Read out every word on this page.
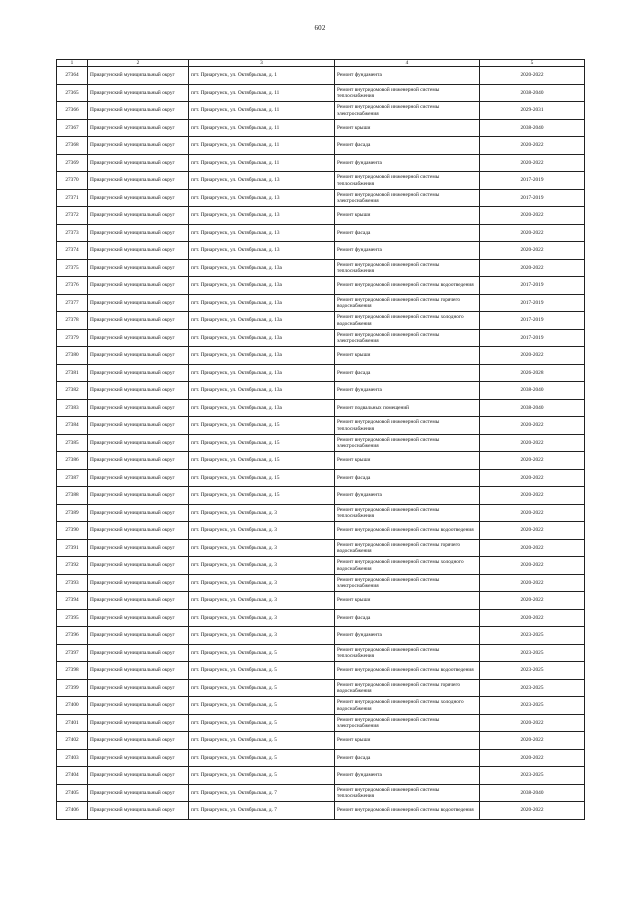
602
1	2	3	4	5
27364	Приаргунский муниципальный округ	пгт. Приаргунск, ул. Октябрьская, д. 1	Ремонт фундамента	2020-2022
27365	Приаргунский муниципальный округ	пгт. Приаргунск, ул. Октябрьская, д. 11	Ремонт внутридомовой инженерной системы теплоснабжения	2038-2040
27366	Приаргунский муниципальный округ	пгт. Приаргунск, ул. Октябрьская, д. 11	Ремонт внутридомовой инженерной системы электроснабжения	2029-2031
27367	Приаргунский муниципальный округ	пгт. Приаргунск, ул. Октябрьская, д. 11	Ремонт крыши	2038-2040
27368	Приаргунский муниципальный округ	пгт. Приаргунск, ул. Октябрьская, д. 11	Ремонт фасада	2020-2022
27369	Приаргунский муниципальный округ	пгт. Приаргунск, ул. Октябрьская, д. 11	Ремонт фундамента	2020-2022
27370	Приаргунский муниципальный округ	пгт. Приаргунск, ул. Октябрьская, д. 13	Ремонт внутридомовой инженерной системы теплоснабжения	2017-2019
27371	Приаргунский муниципальный округ	пгт. Приаргунск, ул. Октябрьская, д. 13	Ремонт внутридомовой инженерной системы электроснабжения	2017-2019
27372	Приаргунский муниципальный округ	пгт. Приаргунск, ул. Октябрьская, д. 13	Ремонт крыши	2020-2022
27373	Приаргунский муниципальный округ	пгт. Приаргунск, ул. Октябрьская, д. 13	Ремонт фасада	2020-2022
27374	Приаргунский муниципальный округ	пгт. Приаргунск, ул. Октябрьская, д. 13	Ремонт фундамента	2020-2022
27375	Приаргунский муниципальный округ	пгт. Приаргунск, ул. Октябрьская, д. 13а	Ремонт внутридомовой инженерной системы теплоснабжения	2020-2022
27376	Приаргунский муниципальный округ	пгт. Приаргунск, ул. Октябрьская, д. 13а	Ремонт внутридомовой инженерной системы водоотведения	2017-2019
27377	Приаргунский муниципальный округ	пгт. Приаргунск, ул. Октябрьская, д. 13а	Ремонт внутридомовой инженерной системы горячего водоснабжения	2017-2019
27378	Приаргунский муниципальный округ	пгт. Приаргунск, ул. Октябрьская, д. 13а	Ремонт внутридомовой инженерной системы холодного водоснабжения	2017-2019
27379	Приаргунский муниципальный округ	пгт. Приаргунск, ул. Октябрьская, д. 13а	Ремонт внутридомовой инженерной системы электроснабжения	2017-2019
27380	Приаргунский муниципальный округ	пгт. Приаргунск, ул. Октябрьская, д. 13а	Ремонт крыши	2020-2022
27381	Приаргунский муниципальный округ	пгт. Приаргунск, ул. Октябрьская, д. 13а	Ремонт фасада	2026-2028
27382	Приаргунский муниципальный округ	пгт. Приаргунск, ул. Октябрьская, д. 13а	Ремонт фундамента	2038-2040
27383	Приаргунский муниципальный округ	пгт. Приаргунск, ул. Октябрьская, д. 13а	Ремонт подвальных помещений	2038-2040
27384	Приаргунский муниципальный округ	пгт. Приаргунск, ул. Октябрьская, д. 15	Ремонт внутридомовой инженерной системы теплоснабжения	2020-2022
27385	Приаргунский муниципальный округ	пгт. Приаргунск, ул. Октябрьская, д. 15	Ремонт внутридомовой инженерной системы электроснабжения	2020-2022
27386	Приаргунский муниципальный округ	пгт. Приаргунск, ул. Октябрьская, д. 15	Ремонт крыши	2020-2022
27387	Приаргунский муниципальный округ	пгт. Приаргунск, ул. Октябрьская, д. 15	Ремонт фасада	2020-2022
27388	Приаргунский муниципальный округ	пгт. Приаргунск, ул. Октябрьская, д. 15	Ремонт фундамента	2020-2022
27389	Приаргунский муниципальный округ	пгт. Приаргунск, ул. Октябрьская, д. 3	Ремонт внутридомовой инженерной системы теплоснабжения	2020-2022
27390	Приаргунский муниципальный округ	пгт. Приаргунск, ул. Октябрьская, д. 3	Ремонт внутридомовой инженерной системы водоотведения	2020-2022
27391	Приаргунский муниципальный округ	пгт. Приаргунск, ул. Октябрьская, д. 3	Ремонт внутридомовой инженерной системы горячего водоснабжения	2020-2022
27392	Приаргунский муниципальный округ	пгт. Приаргунск, ул. Октябрьская, д. 3	Ремонт внутридомовой инженерной системы холодного водоснабжения	2020-2022
27393	Приаргунский муниципальный округ	пгт. Приаргунск, ул. Октябрьская, д. 3	Ремонт внутридомовой инженерной системы электроснабжения	2020-2022
27394	Приаргунский муниципальный округ	пгт. Приаргунск, ул. Октябрьская, д. 3	Ремонт крыши	2020-2022
27395	Приаргунский муниципальный округ	пгт. Приаргунск, ул. Октябрьская, д. 3	Ремонт фасада	2020-2022
27396	Приаргунский муниципальный округ	пгт. Приаргунск, ул. Октябрьская, д. 3	Ремонт фундамента	2023-2025
27397	Приаргунский муниципальный округ	пгт. Приаргунск, ул. Октябрьская, д. 5	Ремонт внутридомовой инженерной системы теплоснабжения	2023-2025
27398	Приаргунский муниципальный округ	пгт. Приаргунск, ул. Октябрьская, д. 5	Ремонт внутридомовой инженерной системы водоотведения	2023-2025
27399	Приаргунский муниципальный округ	пгт. Приаргунск, ул. Октябрьская, д. 5	Ремонт внутридомовой инженерной системы горячего водоснабжения	2023-2025
27400	Приаргунский муниципальный округ	пгт. Приаргунск, ул. Октябрьская, д. 5	Ремонт внутридомовой инженерной системы холодного водоснабжения	2023-2025
27401	Приаргунский муниципальный округ	пгт. Приаргунск, ул. Октябрьская, д. 5	Ремонт внутридомовой инженерной системы электроснабжения	2020-2022
27402	Приаргунский муниципальный округ	пгт. Приаргунск, ул. Октябрьская, д. 5	Ремонт крыши	2020-2022
27403	Приаргунский муниципальный округ	пгт. Приаргунск, ул. Октябрьская, д. 5	Ремонт фасада	2020-2022
27404	Приаргунский муниципальный округ	пгт. Приаргунск, ул. Октябрьская, д. 5	Ремонт фундамента	2023-2025
27405	Приаргунский муниципальный округ	пгт. Приаргунск, ул. Октябрьская, д. 7	Ремонт внутридомовой инженерной системы теплоснабжения	2038-2040
27406	Приаргунский муниципальный округ	пгт. Приаргунск, ул. Октябрьская, д. 7	Ремонт внутридомовой инженерной системы водоотведения	2020-2022
